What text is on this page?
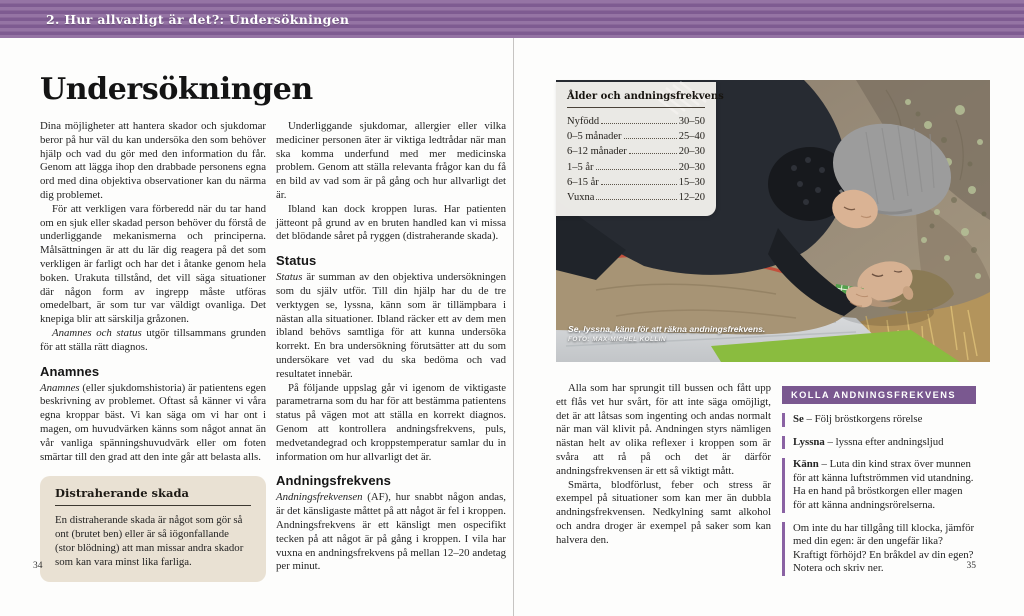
2. Hur allvarligt är det?: Undersökningen
Undersökningen

Dina möjligheter att hantera skador och sjukdomar beror på hur väl du kan undersöka den som behöver hjälp och vad du gör med den information du får. Genom att lägga ihop den drabbade personens egna ord med dina objektiva observationer kan du närma dig problemet.

För att verkligen vara förberedd när du tar hand om en sjuk eller skadad person behöver du förstå de underliggande mekanismerna och principerna. Målsättningen är att du lär dig reagera på det som verkligen är farligt och har det i åtanke genom hela boken. Urakuta tillstånd, det vill säga situationer där någon form av ingrepp måste utföras omedelbart, är som tur var väldigt ovanliga. Det knepiga blir att särskilja gråzonen.

Anamnes och status utgör tillsammans grunden för att ställa rätt diagnos.

Anamnes

Anamnes (eller sjukdomshistoria) är patientens egen beskrivning av problemet. Oftast så känner vi våra egna kroppar bäst. Vi kan säga om vi har ont i magen, om huvudvärken känns som något annat än vår vanliga spänningshuvudvärk eller om foten smärtar till den grad att den inte går att belasta alls.

Distraherande skada

En distraherande skada är något som gör så ont (brutet ben) eller är så iögonfallande (stor blödning) att man missar andra skador som kan vara minst lika farliga.

Underliggande sjukdomar, allergier eller vilka mediciner personen äter är viktiga ledtrådar när man ska komma underfund med mer medicinska problem. Genom att ställa relevanta frågor kan du få en bild av vad som är på gång och hur allvarligt det är.

Ibland kan dock kroppen luras. Har patienten jätteont på grund av en bruten handled kan vi missa det blödande såret på ryggen (distraherande skada).

Status

Status är summan av den objektiva undersökningen som du själv utför. Till din hjälp har du de tre verktygen se, lyssna, känn som är tillämpbara i nästan alla situationer. Ibland räcker ett av dem men ibland behövs samtliga för att kunna undersöka korrekt. En bra undersökning förutsätter att du som undersökare vet vad du ska bedöma och vad resultatet innebär.

På följande uppslag går vi igenom de viktigaste parametrarna som du har för att bestämma patientens status på vägen mot att ställa en korrekt diagnos. Genom att kontrollera andningsfrekvens, puls, medvetandegrad och kroppstemperatur samlar du in information om hur allvarligt det är.

Andningsfrekvens

Andningsfrekvensen (AF), hur snabbt någon andas, är det känsligaste måttet på att något är fel i kroppen. Andningsfrekvens är ett känsligt men ospecifikt tecken på att något är på gång i kroppen. I vila har vuxna en andningsfrekvens på mellan 12–20 andetag per minut.

34
Se, lyssna, känn för att räkna andningsfrekvens.
FOTO: MAX-MICHEL KOLLIN
Ålder och andningsfrekvens
Nyfödd	30–50
0–5 månader	25–40
6–12 månader	20–30
1–5 år	20–30
6–15 år	15–30
Vuxna	12–20

Alla som har sprungit till bussen och fått upp ett flås vet hur svårt, för att inte säga omöjligt, det är att låtsas som ingenting och andas normalt när man väl klivit på. Andningen styrs nämligen nästan helt av olika reflexer i kroppen som är svåra att rå på och det är därför andningsfrekvensen är ett så viktigt mått.

Smärta, blodförlust, feber och stress är exempel på situationer som kan mer än dubbla andningsfrekvensen. Nedkylning samt alkohol och andra droger är exempel på saker som kan halvera den.

KOLLA ANDNINGSFREKVENS
Se – Följ bröstkorgens rörelse
Lyssna – lyssna efter andningsljud
Känn – Luta din kind strax över munnen för att känna luftströmmen vid utandning. Ha en hand på bröstkorgen eller magen för att känna andningsrörelserna.
Om inte du har tillgång till klocka, jämför med din egen: är den ungefär lika? Kraftigt förhöjd? En bråkdel av din egen? Notera och skriv ner.	35
